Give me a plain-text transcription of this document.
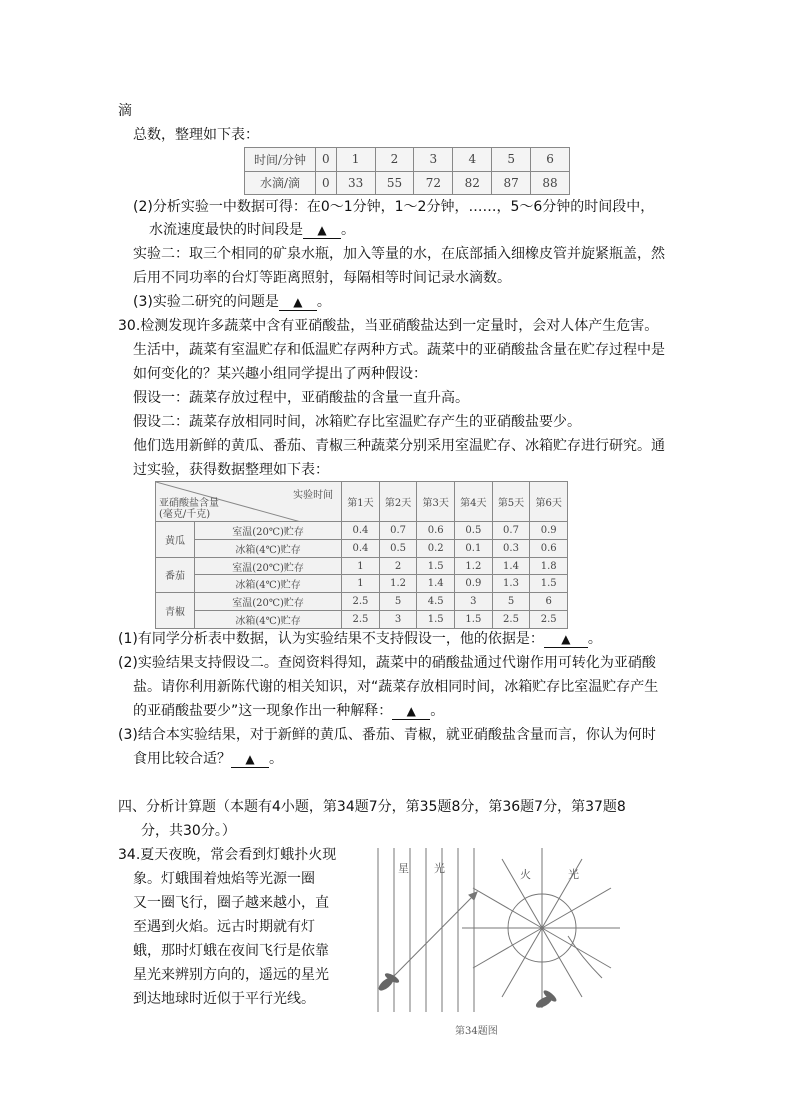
滴
总数，整理如下表：
时间/分钟	0	1	2	3	4	5	6
水滴/滴	0	33	55	72	82	87	88
(2)分析实验一中数据可得：在0～1分钟，1～2分钟，……，5～6分钟的时间段中，
水流速度最快的时间段是 ▲ 。
实验二：取三个相同的矿泉水瓶，加入等量的水，在底部插入细橡皮管并旋紧瓶盖，然
后用不同功率的台灯等距离照射，每隔相等时间记录水滴数。
(3)实验二研究的问题是 ▲ 。
30.检测发现许多蔬菜中含有亚硝酸盐，当亚硝酸盐达到一定量时，会对人体产生危害。
生活中，蔬菜有室温贮存和低温贮存两种方式。蔬菜中的亚硝酸盐含量在贮存过程中是
如何变化的？某兴趣小组同学提出了两种假设：
假设一：蔬菜存放过程中，亚硝酸盐的含量一直升高。
假设二：蔬菜存放相同时间，冰箱贮存比室温贮存产生的亚硝酸盐要少。
他们选用新鲜的黄瓜、番茄、青椒三种蔬菜分别采用室温贮存、冰箱贮存进行研究。通
过实验，获得数据整理如下表：
实验时间
亚硝酸盐含量
(毫克/千克)		第1天	第2天	第3天	第4天	第5天	第6天
黄瓜	室温(20℃)贮存	0.4	0.7	0.6	0.5	0.7	0.9
	冰箱(4℃)贮存	0.4	0.5	0.2	0.1	0.3	0.6
番茄	室温(20℃)贮存	1	2	1.5	1.2	1.4	1.8
	冰箱(4℃)贮存	1	1.2	1.4	0.9	1.3	1.5
青椒	室温(20℃)贮存	2.5	5	4.5	3	5	6
	冰箱(4℃)贮存	2.5	3	1.5	1.5	2.5	2.5
(1)有同学分析表中数据，认为实验结果不支持假设一，他的依据是： ▲ 。
(2)实验结果支持假设二。查阅资料得知，蔬菜中的硝酸盐通过代谢作用可转化为亚硝酸
盐。请你利用新陈代谢的相关知识，对“蔬菜存放相同时间，冰箱贮存比室温贮存产生
的亚硝酸盐要少”这一现象作出一种解释： ▲ 。
(3)结合本实验结果，对于新鲜的黄瓜、番茄、青椒，就亚硝酸盐含量而言，你认为何时
食用比较合适？ ▲ 。
四、分析计算题（本题有4小题，第34题7分，第35题8分，第36题7分，第37题8
分，共30分。）
34.夏天夜晚，常会看到灯蛾扑火现
象。灯蛾围着烛焰等光源一圈
又一圈飞行，圈子越来越小，直
至遇到火焰。远古时期就有灯
蛾，那时灯蛾在夜间飞行是依靠
星光来辨别方向的，遥远的星光
到达地球时近似于平行光线。
星 光	火	光
第34题图
